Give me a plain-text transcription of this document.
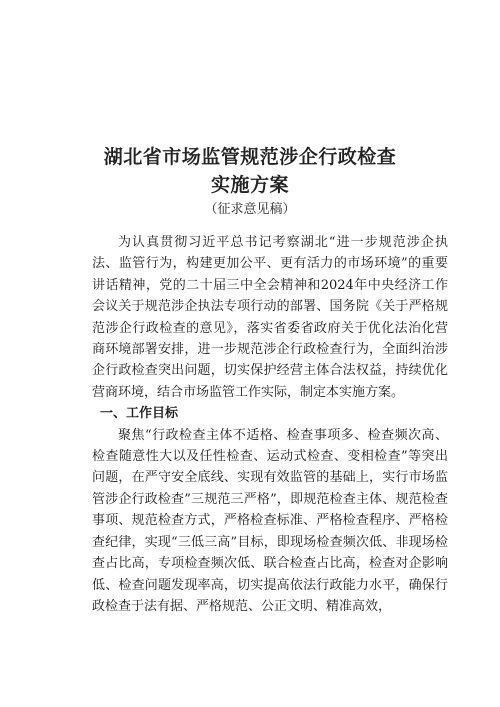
湖北省市场监管规范涉企行政检查
实施方案
（征求意见稿）

为认真贯彻习近平总书记考察湖北“进一步规范涉企执法、监管行为，构建更加公平、更有活力的市场环境”的重要讲话精神，党的二十届三中全会精神和2024年中央经济工作会议关于规范涉企执法专项行动的部署、国务院《关于严格规范涉企行政检查的意见》，落实省委省政府关于优化法治化营商环境部署安排，进一步规范涉企行政检查行为，全面纠治涉企行政检查突出问题，切实保护经营主体合法权益，持续优化营商环境，结合市场监管工作实际，制定本实施方案。

一、工作目标

聚焦“行政检查主体不适格、检查事项多、检查频次高、检查随意性大以及任性检查、运动式检查、变相检查”等突出问题，在严守安全底线、实现有效监管的基础上，实行市场监管涉企行政检查”三规范三严格”，即规范检查主体、规范检查事项、规范检查方式，严格检查标准、严格检查程序、严格检查纪律，实现“三低三高”目标，即现场检查频次低、非现场检查占比高，专项检查频次低、联合检查占比高，检查对企影响低、检查问题发现率高，切实提高依法行政能力水平，确保行政检查于法有据、严格规范、公正文明、精准高效，
